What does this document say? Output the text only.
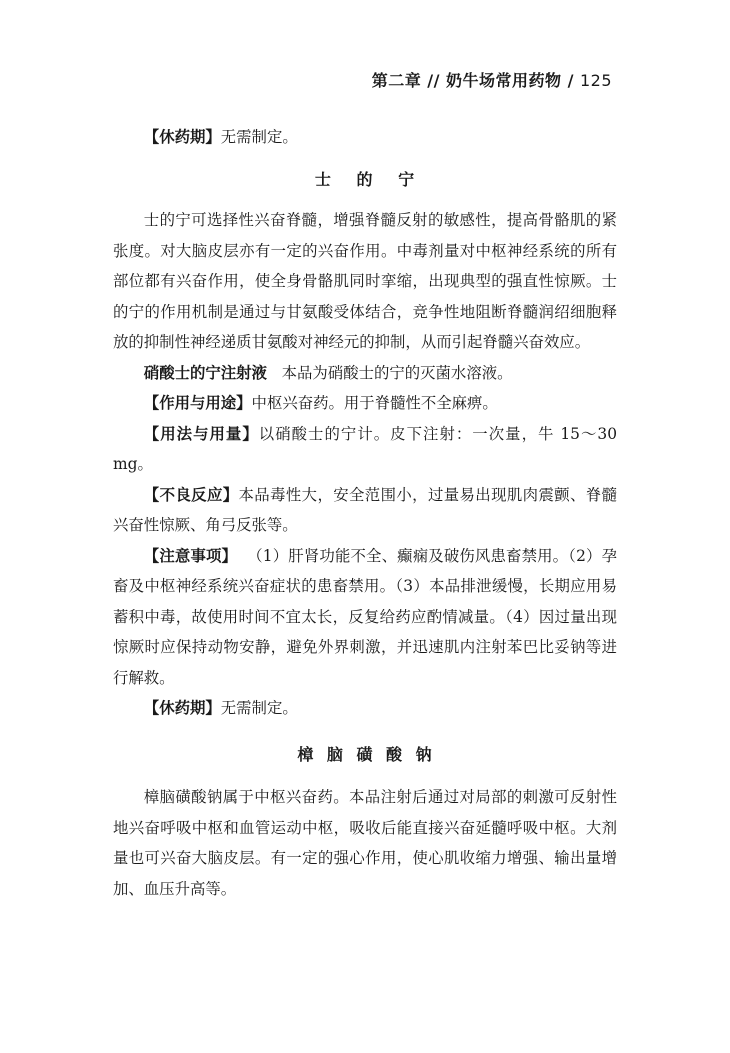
第二章 // 奶牛场常用药物 / 125

【休药期】无需制定。

士 的 宁

士的宁可选择性兴奋脊髓，增强脊髓反射的敏感性，提高骨骼肌的紧张度。对大脑皮层亦有一定的兴奋作用。中毒剂量对中枢神经系统的所有部位都有兴奋作用，使全身骨骼肌同时挛缩，出现典型的强直性惊厥。士的宁的作用机制是通过与甘氨酸受体结合，竞争性地阻断脊髓润绍细胞释放的抑制性神经递质甘氨酸对神经元的抑制，从而引起脊髓兴奋效应。

硝酸士的宁注射液 本品为硝酸士的宁的灭菌水溶液。

【作用与用途】中枢兴奋药。用于脊髓性不全麻痹。

【用法与用量】以硝酸士的宁计。皮下注射：一次量，牛 15～30 mg。

【不良反应】本品毒性大，安全范围小，过量易出现肌肉震颤、脊髓兴奋性惊厥、角弓反张等。

【注意事项】 （1）肝肾功能不全、癫痫及破伤风患畜禁用。（2）孕畜及中枢神经系统兴奋症状的患畜禁用。（3）本品排泄缓慢，长期应用易蓄积中毒，故使用时间不宜太长，反复给药应酌情减量。（4）因过量出现惊厥时应保持动物安静，避免外界刺激，并迅速肌内注射苯巴比妥钠等进行解救。

【休药期】无需制定。

樟 脑 磺 酸 钠

樟脑磺酸钠属于中枢兴奋药。本品注射后通过对局部的刺激可反射性地兴奋呼吸中枢和血管运动中枢，吸收后能直接兴奋延髓呼吸中枢。大剂量也可兴奋大脑皮层。有一定的强心作用，使心肌收缩力增强、输出量增加、血压升高等。
